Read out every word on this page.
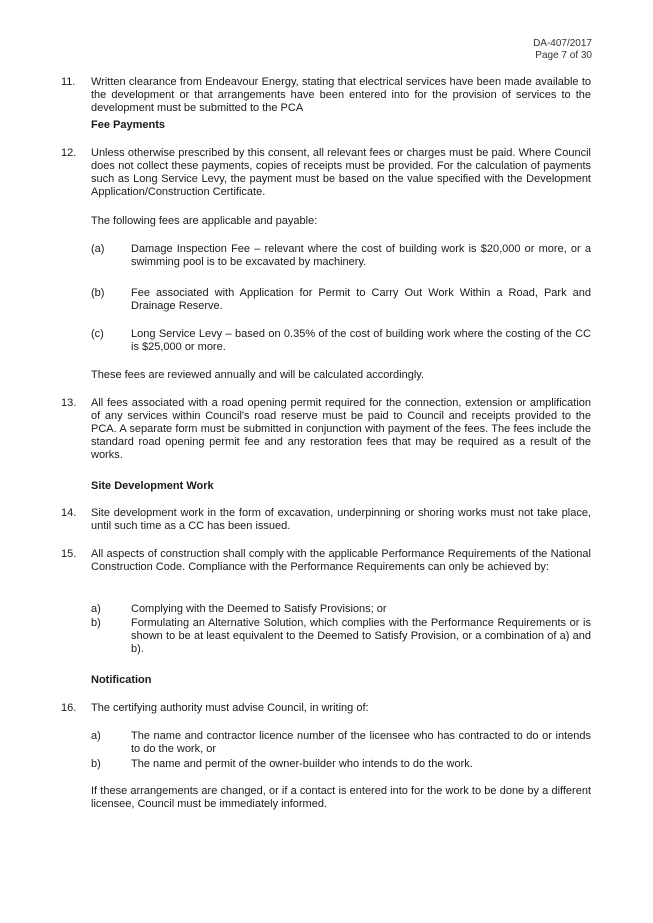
DA-407/2017
Page 7 of 30
11. Written clearance from Endeavour Energy, stating that electrical services have been made available to the development or that arrangements have been entered into for the provision of services to the development must be submitted to the PCA

Fee Payments

12. Unless otherwise prescribed by this consent, all relevant fees or charges must be paid. Where Council does not collect these payments, copies of receipts must be provided. For the calculation of payments such as Long Service Levy, the payment must be based on the value specified with the Development Application/Construction Certificate.

The following fees are applicable and payable:

(a) Damage Inspection Fee – relevant where the cost of building work is $20,000 or more, or a swimming pool is to be excavated by machinery.

(b) Fee associated with Application for Permit to Carry Out Work Within a Road, Park and Drainage Reserve.

(c) Long Service Levy – based on 0.35% of the cost of building work where the costing of the CC is $25,000 or more.

These fees are reviewed annually and will be calculated accordingly.

13. All fees associated with a road opening permit required for the connection, extension or amplification of any services within Council's road reserve must be paid to Council and receipts provided to the PCA. A separate form must be submitted in conjunction with payment of the fees. The fees include the standard road opening permit fee and any restoration fees that may be required as a result of the works.

Site Development Work

14. Site development work in the form of excavation, underpinning or shoring works must not take place, until such time as a CC has been issued.

15. All aspects of construction shall comply with the applicable Performance Requirements of the National Construction Code. Compliance with the Performance Requirements can only be achieved by:

a)	Complying with the Deemed to Satisfy Provisions; or

b)	Formulating an Alternative Solution, which complies with the Performance Requirements or is shown to be at least equivalent to the Deemed to Satisfy Provision, or a combination of a) and b).

Notification

16. The certifying authority must advise Council, in writing of:

a)	The name and contractor licence number of the licensee who has contracted to do or intends to do the work, or

b)	The name and permit of the owner-builder who intends to do the work.

If these arrangements are changed, or if a contact is entered into for the work to be done by a different licensee, Council must be immediately informed.
